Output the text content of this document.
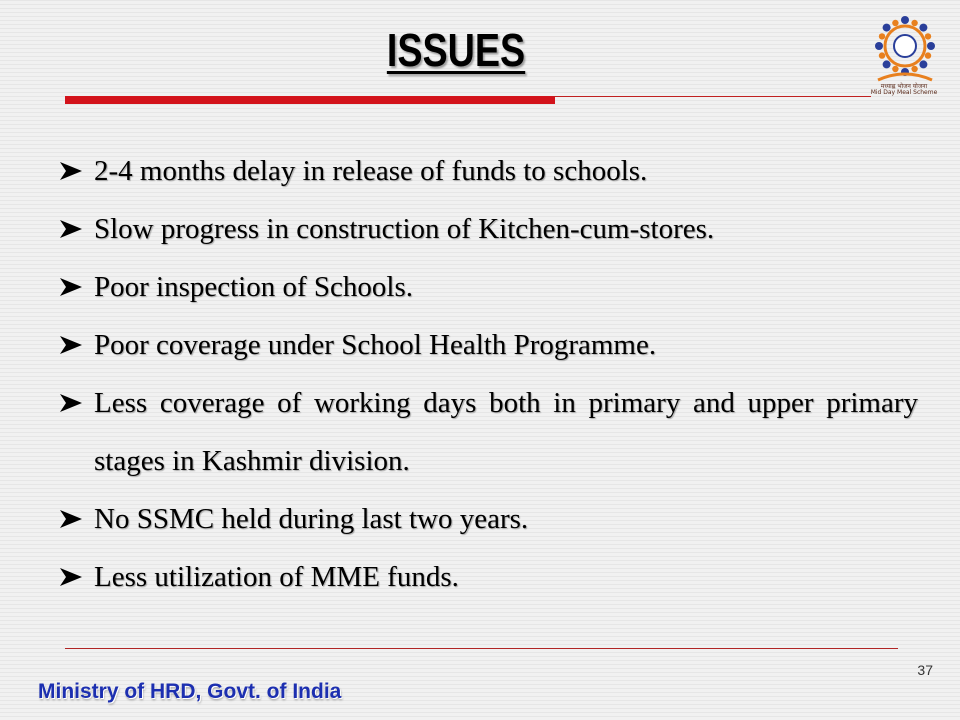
ISSUES
मध्याह्न भोजन योजना
Mid Day Meal Scheme
2-4 months delay in release of funds to schools.
Slow progress in construction of Kitchen-cum-stores.
Poor inspection of Schools.
Poor coverage under School Health Programme.
Less coverage of working days both in primary and upper primary stages in Kashmir division.
No SSMC held during last two years.
Less utilization of MME funds.
37
Ministry of HRD, Govt. of India
